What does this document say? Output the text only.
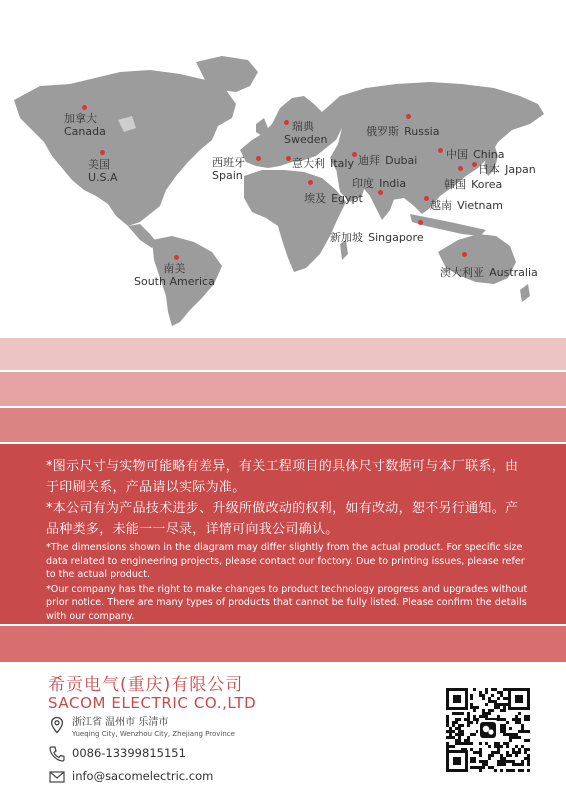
加拿大
Canada
美国
U.S.A
瑞典
Sweden
俄罗斯 Russia
西班牙
Spain
意大利 Italy 迪拜 Dubai	中国 China
日本 Japan
韩国 Korea
印度 India
埃及 Egypt
越南 Vietnam
新加坡 Singapore
南美
South America
澳大利亚 Australia

*图示尺寸与实物可能略有差异，有关工程项目的具体尺寸数据可与本厂联系，由于印刷关系，产品请以实际为准。

*本公司有为产品技术进步、升级所做改动的权利，如有改动，恕不另行通知。产品种类多，未能一一尽录，详情可向我公司确认。

*The dimensions shown in the diagram may differ slightly from the actual product. For specific size data related to engineering projects, please contact our foctory. Due to printing issues, please refer to the actual product.

*Our company has the right to make changes to product technology progress and upgrades without prior notice. There are many types of products that cannot be fully listed. Please confirm the details with our company.

希贡电气(重庆)有限公司
SACOM ELECTRIC CO.,LTD
浙江省 温州市 乐清市
Yueqing City, Wenzhou City, Zhejiang Province
0086-13399815151
info@sacomelectric.com
